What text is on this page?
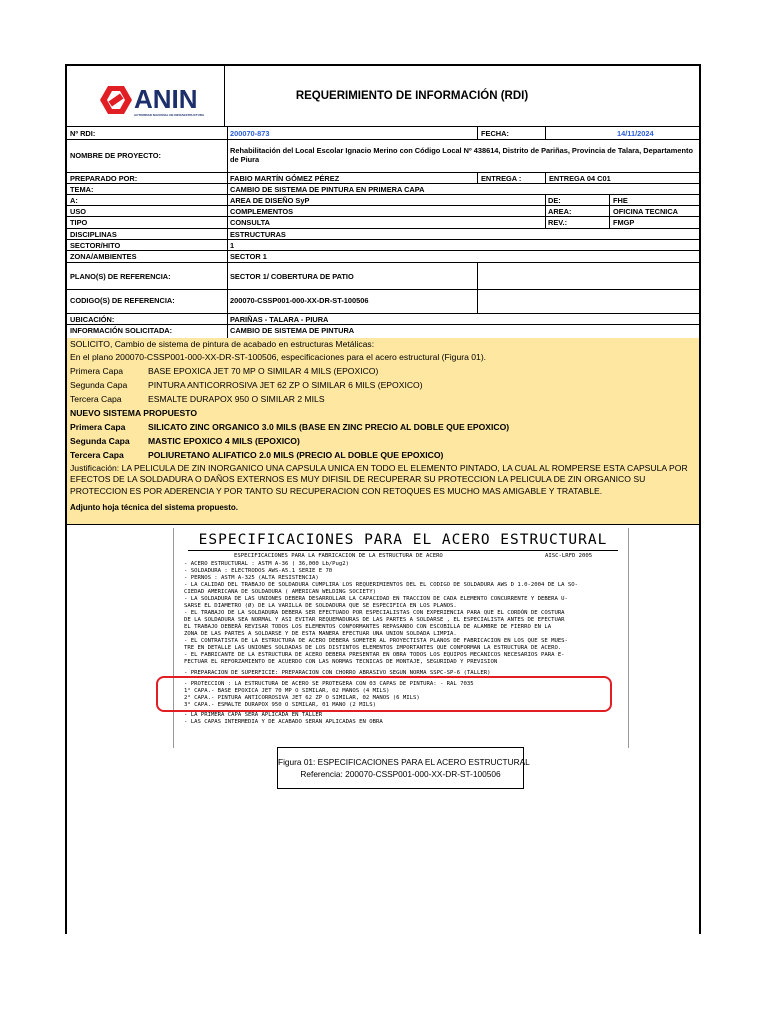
ANIN
AUTORIDAD NACIONAL DE INFRAESTRUCTURA
REQUERIMIENTO DE INFORMACIÓN (RDI)
Nº RDI:	200070-873	FECHA:	14/11/2024
NOMBRE DE PROYECTO:
Rehabilitación del Local Escolar Ignacio Merino con Código Local Nº 438614, Distrito de Pariñas, Provincia de Talara, Departamento de Piura
PREPARADO POR:	FABIO MARTÍN GÓMEZ PÉREZ	ENTREGA :	ENTREGA 04 C01
TEMA:	CAMBIO DE SISTEMA DE PINTURA EN PRIMERA CAPA
A:	AREA DE DISEÑO SyP	DE:	FHE
USO	COMPLEMENTOS	AREA:	OFICINA TECNICA
TIPO	CONSULTA	REV.:	FMGP
DISCIPLINAS	ESTRUCTURAS
SECTOR/HITO	1
ZONA/AMBIENTES	SECTOR 1
PLANO(S) DE REFERENCIA:	SECTOR 1/ COBERTURA DE PATIO
CODIGO(S) DE REFERENCIA:	200070-CSSP001-000-XX-DR-ST-100506
UBICACIÓN:	PARIÑAS - TALARA - PIURA
INFORMACIÓN SOLICITADA:	CAMBIO DE SISTEMA DE PINTURA
SOLICITO, Cambio de sistema de pintura de acabado en estructuras Metálicas:
En el plano 200070-CSSP001-000-XX-DR-ST-100506, especificaciones para el acero estructural (Figura 01).
Primera Capa	BASE EPOXICA JET 70 MP O SIMILAR 4 MILS (EPOXICO)
Segunda Capa PINTURA ANTICORROSIVA JET 62 ZP O SIMILAR 6 MILS (EPOXICO)
Tercera Capa	ESMALTE DURAPOX 950 O SIMILAR 2 MILS
NUEVO SISTEMA PROPUESTO
Primera Capa	SILICATO ZINC ORGANICO 3.0 MILS (BASE EN ZINC PRECIO AL DOBLE QUE EPOXICO)
Segunda Capa MASTIC EPOXICO 4 MILS (EPOXICO)
Tercera Capa	POLIURETANO ALIFATICO 2.0 MILS (PRECIO AL DOBLE QUE EPOXICO)
Justificación: LA PELICULA DE ZIN INORGANICO UNA CAPSULA UNICA EN TODO EL ELEMENTO PINTADO, LA CUAL AL ROMPERSE ESTA CAPSULA POR EFECTOS DE LA SOLDADURA O DAÑOS EXTERNOS ES MUY DIFISIL DE RECUPERAR SU PROTECCION LA PELICULA DE ZIN ORGANICO SU PROTECCION ES POR ADERENCIA Y POR TANTO SU RECUPERACION CON RETOQUES ES MUCHO MAS AMIGABLE Y TRATABLE.
Adjunto hoja técnica del sistema propuesto.
ESPECIFICACIONES PARA EL ACERO ESTRUCTURAL
ESPECIFICACIONES PARA LA FABRICACION DE LA ESTRUCTURA DE ACERO	AISC-LRFD 2005
- ACERO ESTRUCTURAL : ASTM A-36 ( 36,000 Lb/Pug2)
- SOLDADURA : ELECTRODOS AWS-A5.1 SERIE E 70
- PERNOS : ASTM A-325 (ALTA RESISTENCIA)
- LA CALIDAD DEL TRABAJO DE SOLDADURA CUMPLIRA LOS REQUERIMIENTOS DEL EL CODIGO DE SOLDADURA AWS D 1.0-2004 DE LA SO-
CIEDAD AMERICANA DE SOLDADURA ( AMERICAN WELDING SOCIETY)
- LA SOLDADURA DE LAS UNIONES DEBERA DESARROLLAR LA CAPACIDAD EN TRACCION DE CADA ELEMENTO CONCURRENTE Y DEBERA U-
SARSE EL DIAMETRO (Ø) DE LA VARILLA DE SOLDADURA QUE SE ESPECIFICA EN LOS PLANOS.
- EL TRABAJO DE LA SOLDADURA DEBERA SER EFECTUADO POR ESPECIALISTAS CON EXPERIENCIA PARA QUE EL CORDÓN DE COSTURA
DE LA SOLDADURA SEA NORMAL Y ASI EVITAR REQUEMADURAS DE LAS PARTES A SOLDARSE , EL ESPECIALISTA ANTES DE EFECTUAR
EL TRABAJO DEBERÁ REVISAR TODOS LOS ELEMENTOS CONFORMANTES REPASANDO CON ESCOBILLA DE ALAMBRE DE FIERRO EN LA
ZONA DE LAS PARTES A SOLDARSE Y DE ESTA MANERA EFECTUAR UNA UNION SOLDADA LIMPIA.
- EL CONTRATISTA DE LA ESTRUCTURA DE ACERO DEBERA SOMETER AL PROYECTISTA PLANOS DE FABRICACION EN LOS QUE SE MUES-
TRE EN DETALLE LAS UNIONES SOLDADAS DE LOS DISTINTOS ELEMENTOS IMPORTANTES QUE CONFORMAN LA ESTRUCTURA DE ACERO.
- EL FABRICANTE DE LA ESTRUCTURA DE ACERO DEBERA PRESENTAR EN OBRA TODOS LOS EQUIPOS MECANICOS NECESARIOS PARA E-
FECTUAR EL REFORZAMIENTO DE ACUERDO CON LAS NORMAS TECNICAS DE MONTAJE, SEGURIDAD Y PREVISION
- PREPARACION DE SUPERFICIE: PREPARACION CON CHORRO ABRASIVO SEGUN NORMA SSPC-SP-6 (TALLER)
- PROTECCION : LA ESTRUCTURA DE ACERO SE PROTEGERA CON 03 CAPAS DE PINTURA: - RAL 7035
1° CAPA.- BASE EPOXICA JET 70 MP O SIMILAR, 02 MANOS (4 MILS)
2° CAPA.- PINTURA ANTICORROSIVA JET 62 ZP O SIMILAR, 02 MANOS (6 MILS)
3° CAPA.- ESMALTE DURAPOX 950 O SIMILAR, 01 MANO (2 MILS)
- LA PRIMERA CAPA SERA APLICADA EN TALLER
- LAS CAPAS INTERMEDIA Y DE ACABADO SERAN APLICADAS EN OBRA
Figura 01: ESPECIFICACIONES PARA EL ACERO ESTRUCTURAL
Referencia: 200070-CSSP001-000-XX-DR-ST-100506
